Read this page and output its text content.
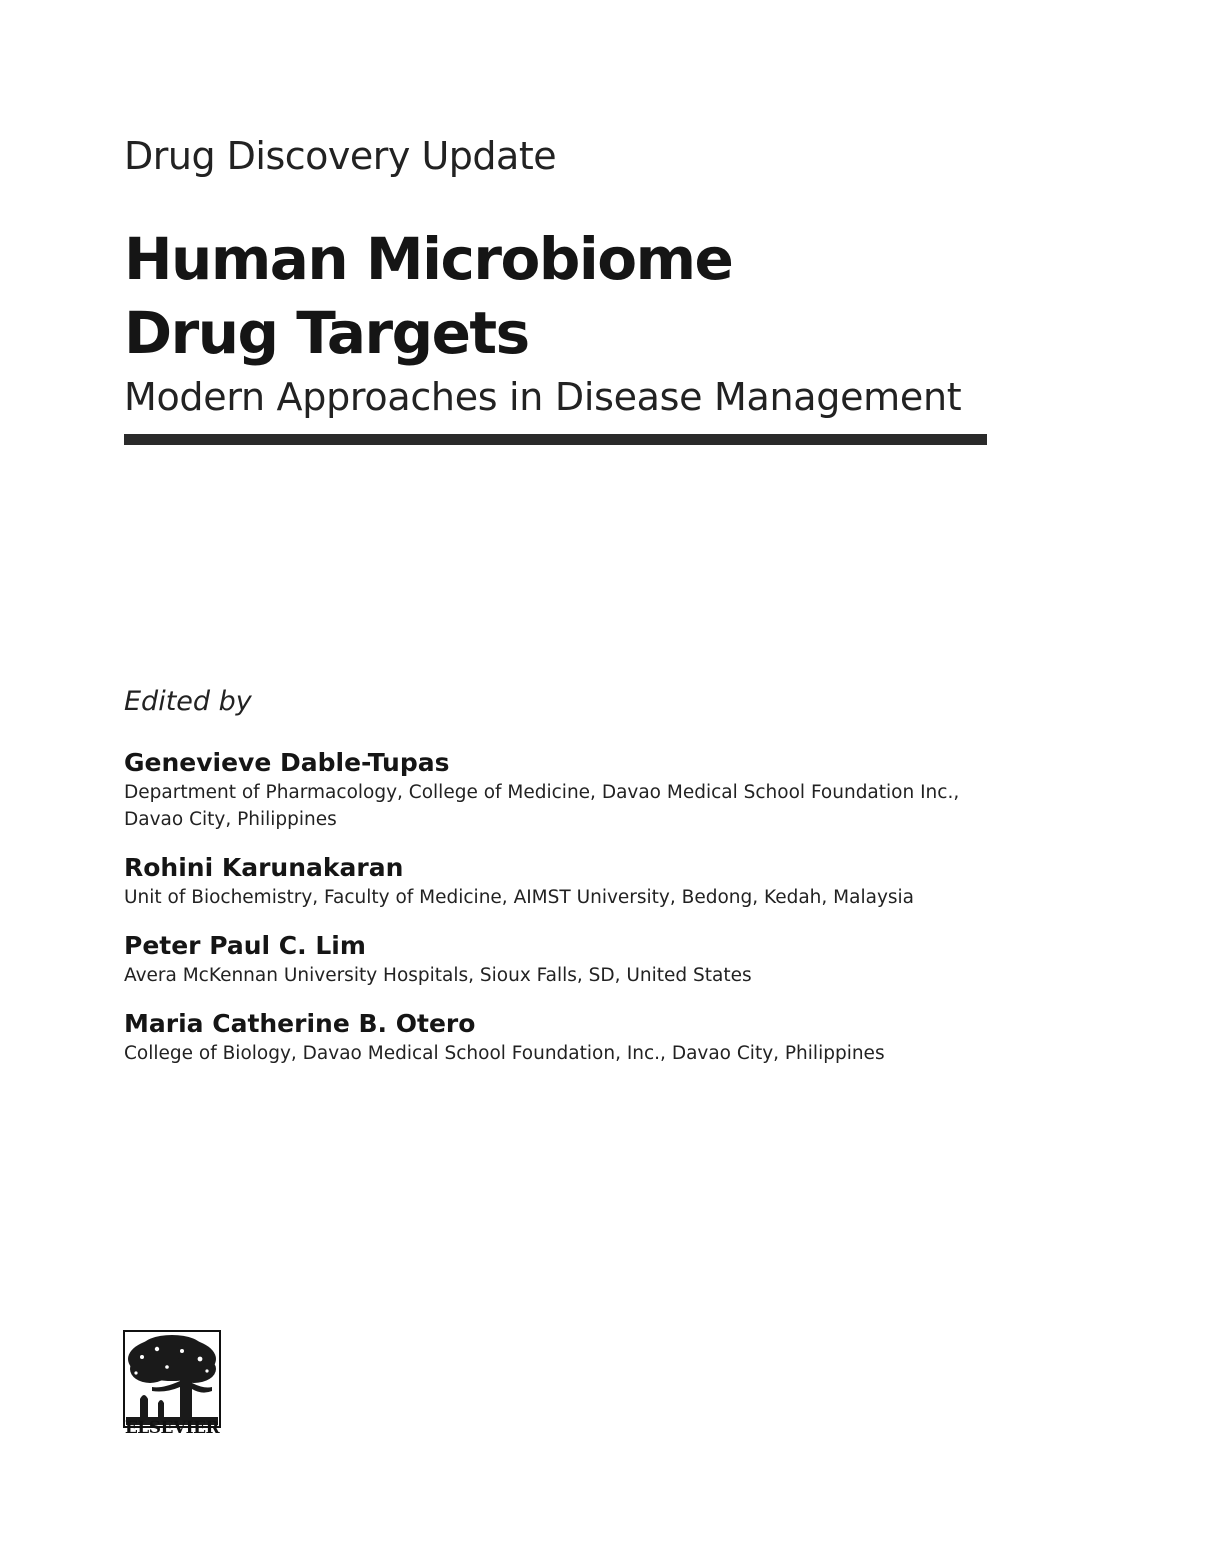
Drug Discovery Update
Human Microbiome
Drug Targets
Modern Approaches in Disease Management
Edited by
Genevieve Dable-Tupas
Department of Pharmacology, College of Medicine, Davao Medical School Foundation Inc., Davao City, Philippines
Rohini Karunakaran
Unit of Biochemistry, Faculty of Medicine, AIMST University, Bedong, Kedah, Malaysia
Peter Paul C. Lim
Avera McKennan University Hospitals, Sioux Falls, SD, United States
Maria Catherine B. Otero
College of Biology, Davao Medical School Foundation, Inc., Davao City, Philippines
ELSEVIER
